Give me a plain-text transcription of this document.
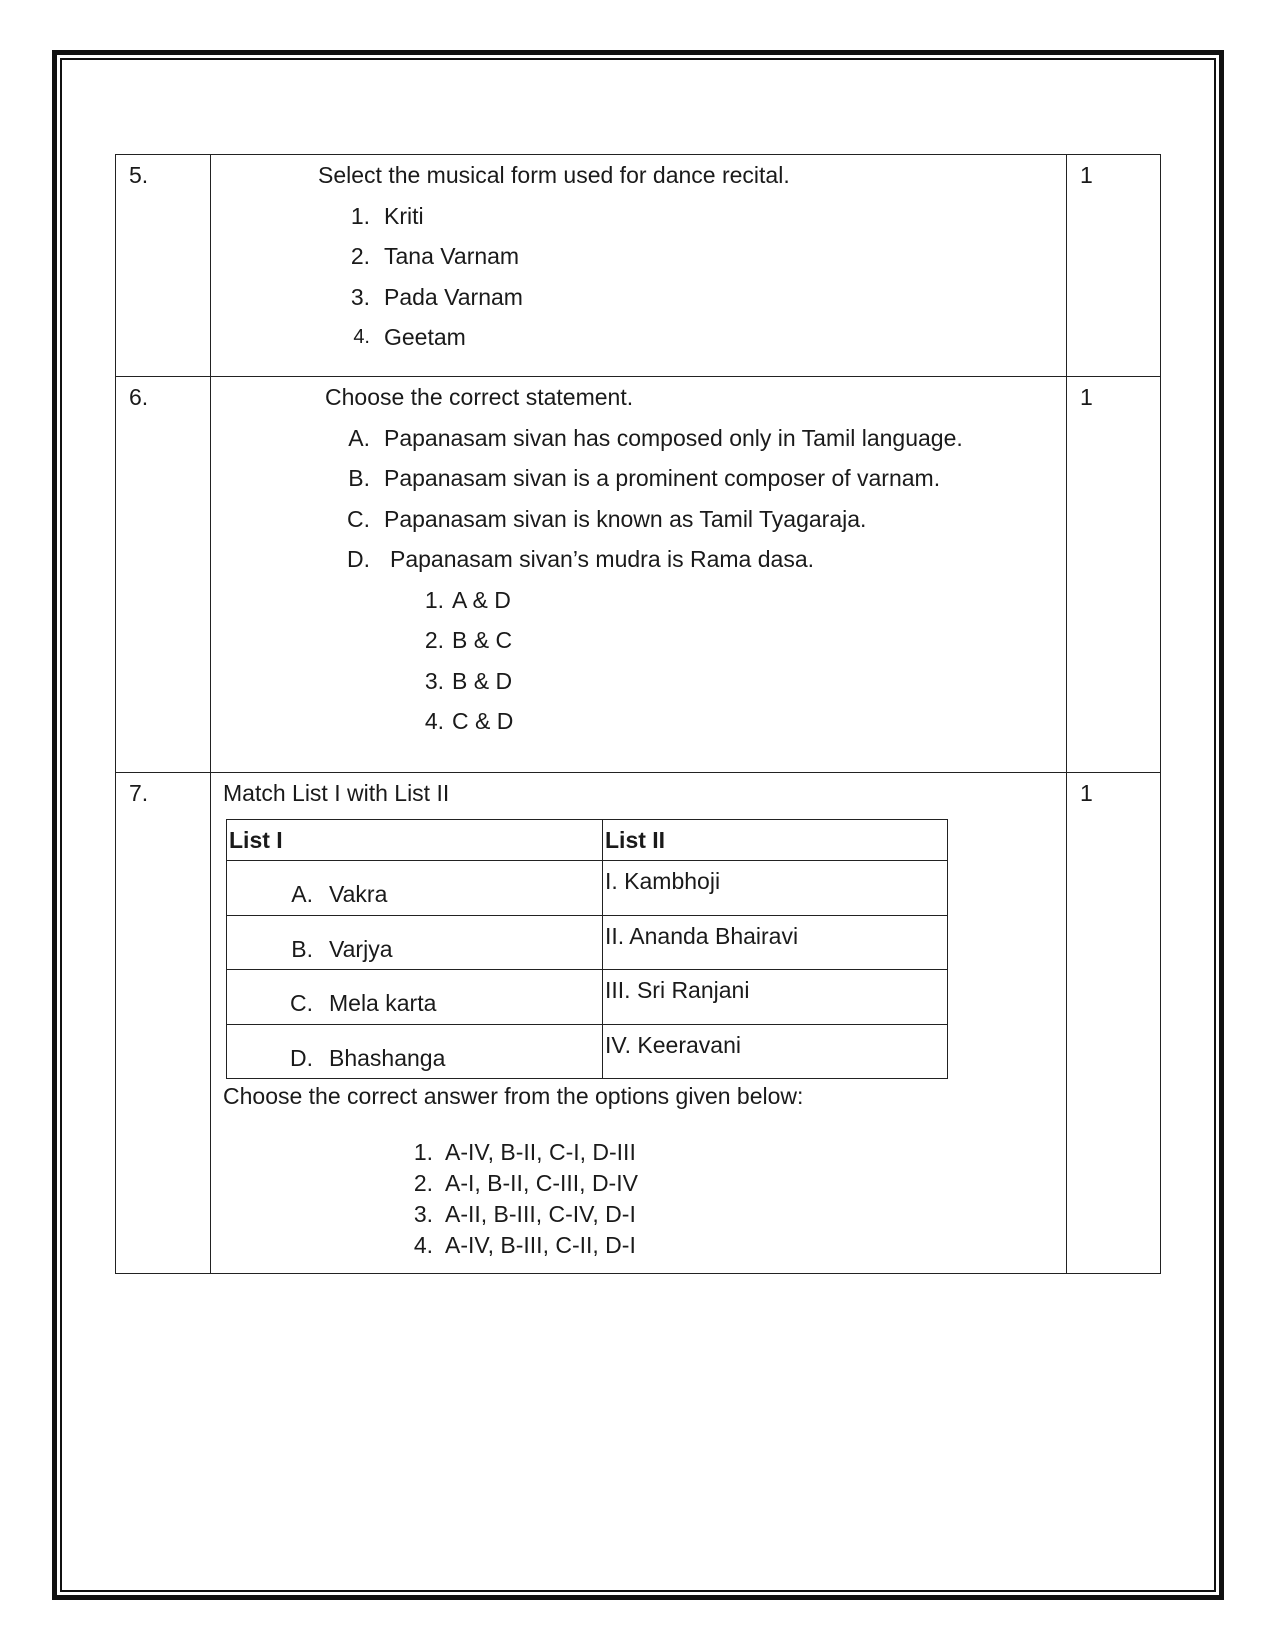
5.	Select the musical form used for dance recital.
1. Kriti
2. Tana Varnam
3. Pada Varnam
4. Geetam
	1
6.	Choose the correct statement.
A. Papanasam sivan has composed only in Tamil language.
B. Papanasam sivan is a prominent composer of varnam.
C. Papanasam sivan is known as Tamil Tyagaraja.
D. Papanasam sivan’s mudra is Rama dasa.
1. A & D
2. B & C
3. B & D
4. C & D
	1
7.	Match List I with List II
List I	List II

A. Vakra	I. Kambhoji

B. Varjya	II. Ananda Bhairavi

C. Mela karta	III. Sri Ranjani

D. Bhashanga	IV. Keeravani
Choose the correct answer from the options given below:
1. A-IV, B-II, C-I, D-III
2. A-I, B-II, C-III, D-IV
3. A-II, B-III, C-IV, D-I
4. A-IV, B-III, C-II, D-I
	1
